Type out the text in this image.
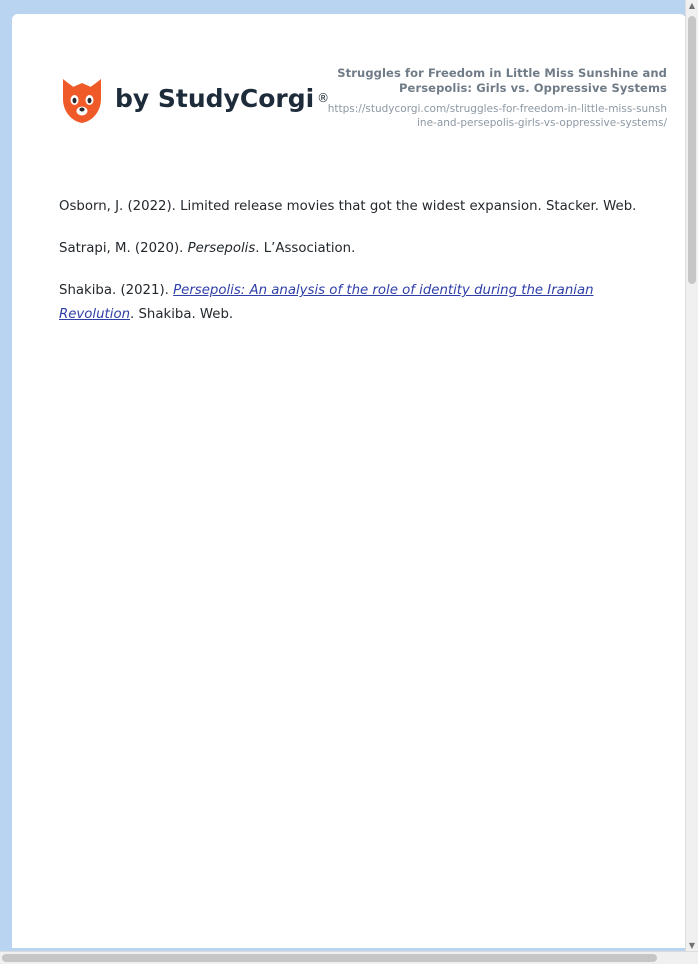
by StudyCorgi ®
Struggles for Freedom in Little Miss Sunshine and Persepolis: Girls vs. Oppressive Systems
https://studycorgi.com/struggles-for-freedom-in-little-miss-sunshine-and-persepolis-girls-vs-oppressive-systems/

Osborn, J. (2022). Limited release movies that got the widest expansion. Stacker. Web.

Satrapi, M. (2020). Persepolis. L’Association.

Shakiba. (2021). Persepolis: An analysis of the role of identity during the Iranian Revolution. Shakiba. Web.

▲
▼
